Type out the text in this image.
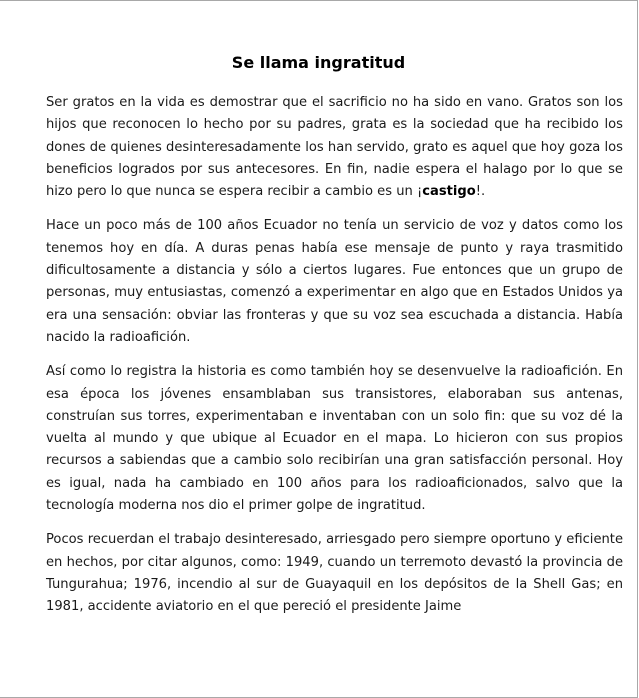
Se llama ingratitud

Ser gratos en la vida es demostrar que el sacrificio no ha sido en vano. Gratos son los hijos que reconocen lo hecho por su padres, grata es la sociedad que ha recibido los dones de quienes desinteresadamente los han servido, grato es aquel que hoy goza los beneficios logrados por sus antecesores. En fin, nadie espera el halago por lo que se hizo pero lo que nunca se espera recibir a cambio es un ¡castigo!.

Hace un poco más de 100 años Ecuador no tenía un servicio de voz y datos como los tenemos hoy en día. A duras penas había ese mensaje de punto y raya trasmitido dificultosamente a distancia y sólo a ciertos lugares. Fue entonces que un grupo de personas, muy entusiastas, comenzó a experimentar en algo que en Estados Unidos ya era una sensación: obviar las fronteras y que su voz sea escuchada a distancia. Había nacido la radioafición.

Así como lo registra la historia es como también hoy se desenvuelve la radioafición. En esa época los jóvenes ensamblaban sus transistores, elaboraban sus antenas, construían sus torres, experimentaban e inventaban con un solo fin: que su voz dé la vuelta al mundo y que ubique al Ecuador en el mapa. Lo hicieron con sus propios recursos a sabiendas que a cambio solo recibirían una gran satisfacción personal. Hoy es igual, nada ha cambiado en 100 años para los radioaficionados, salvo que la tecnología moderna nos dio el primer golpe de ingratitud.

Pocos recuerdan el trabajo desinteresado, arriesgado pero siempre oportuno y eficiente en hechos, por citar algunos, como: 1949, cuando un terremoto devastó la provincia de Tungurahua; 1976, incendio al sur de Guayaquil en los depósitos de la Shell Gas; en 1981, accidente aviatorio en el que pereció el presidente Jaime
